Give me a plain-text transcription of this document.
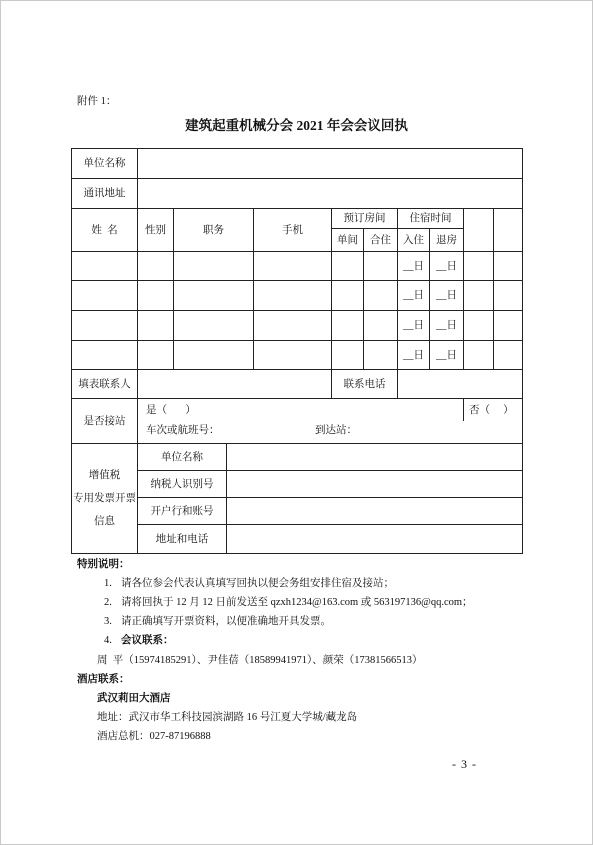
附件 1：
建筑起重机械分会 2021 年会会议回执
单位名称										
通讯地址										
姓  名	性别	职务		手机	预订房间		住宿时间			
					单间	合住	入住	退房		
							__日	__日		
							__日	__日		
							__日	__日		
							__日	__日		
填表联系人					联系电话					
是否接站	是（       ） 否（     ）
车次或航班号： 到达站：									

增值税
专用发票开票
信息	单位名称									
	纳税人识别号									
	开户行和账号									
	地址和电话									
特别说明：
1. 请各位参会代表认真填写回执以便会务组安排住宿及接站；
2. 请将回执于 12 月 12 日前发送至 qzxh1234@163.com 或 563197136@qq.com；
3. 请正确填写开票资料，以便准确地开具发票。
4. 会议联系：
周  平（15974185291）、尹佳蓓（18589941971）、颜荣（17381566513）
酒店联系：
武汉莉田大酒店
地址：武汉市华工科技园滨湖路 16 号江夏大学城/藏龙岛
酒店总机：027-87196888
- 3 -
